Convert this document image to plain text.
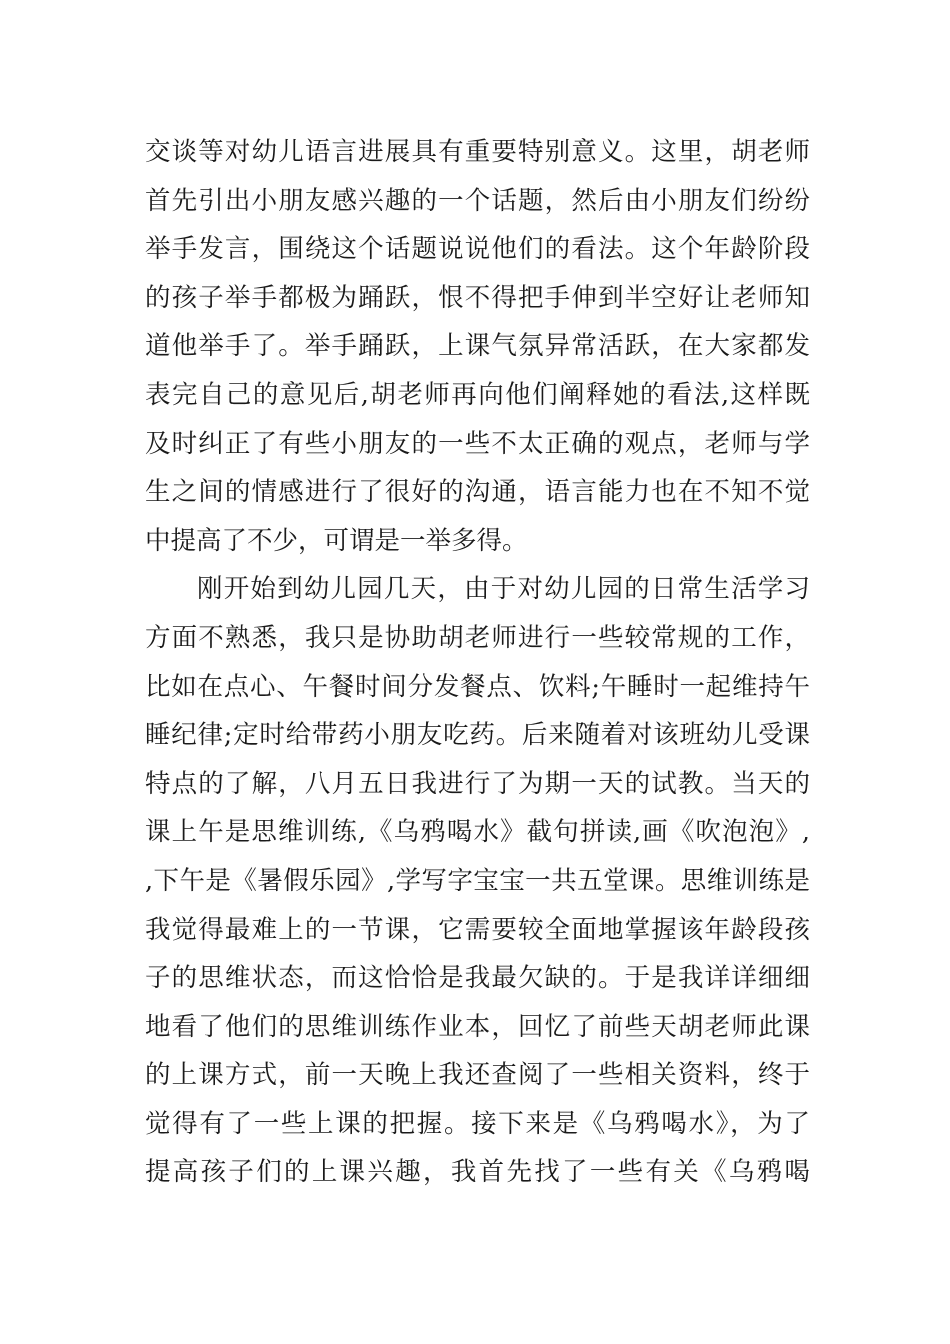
交谈等对幼儿语言进展具有重要特别意义。这里，胡老师
首先引出小朋友感兴趣的一个话题，然后由小朋友们纷纷
举手发言，围绕这个话题说说他们的看法。这个年龄阶段
的孩子举手都极为踊跃，恨不得把手伸到半空好让老师知
道他举手了。举手踊跃，上课气氛异常活跃，在大家都发
表完自己的意见后,胡老师再向他们阐释她的看法,这样既
及时纠正了有些小朋友的一些不太正确的观点，老师与学
生之间的情感进行了很好的沟通，语言能力也在不知不觉
中提高了不少，可谓是一举多得。
刚开始到幼儿园几天，由于对幼儿园的日常生活学习
方面不熟悉，我只是协助胡老师进行一些较常规的工作，
比如在点心、午餐时间分发餐点、饮料;午睡时一起维持午
睡纪律;定时给带药小朋友吃药。后来随着对该班幼儿受课
特点的了解，八月五日我进行了为期一天的试教。当天的
课上午是思维训练,《乌鸦喝水》截句拼读,画《吹泡泡》,
,下午是《暑假乐园》,学写字宝宝一共五堂课。思维训练是
我觉得最难上的一节课，它需要较全面地掌握该年龄段孩
子的思维状态，而这恰恰是我最欠缺的。于是我详详细细
地看了他们的思维训练作业本，回忆了前些天胡老师此课
的上课方式，前一天晚上我还查阅了一些相关资料，终于
觉得有了一些上课的把握。接下来是《乌鸦喝水》，为了
提高孩子们的上课兴趣，我首先找了一些有关《乌鸦喝
